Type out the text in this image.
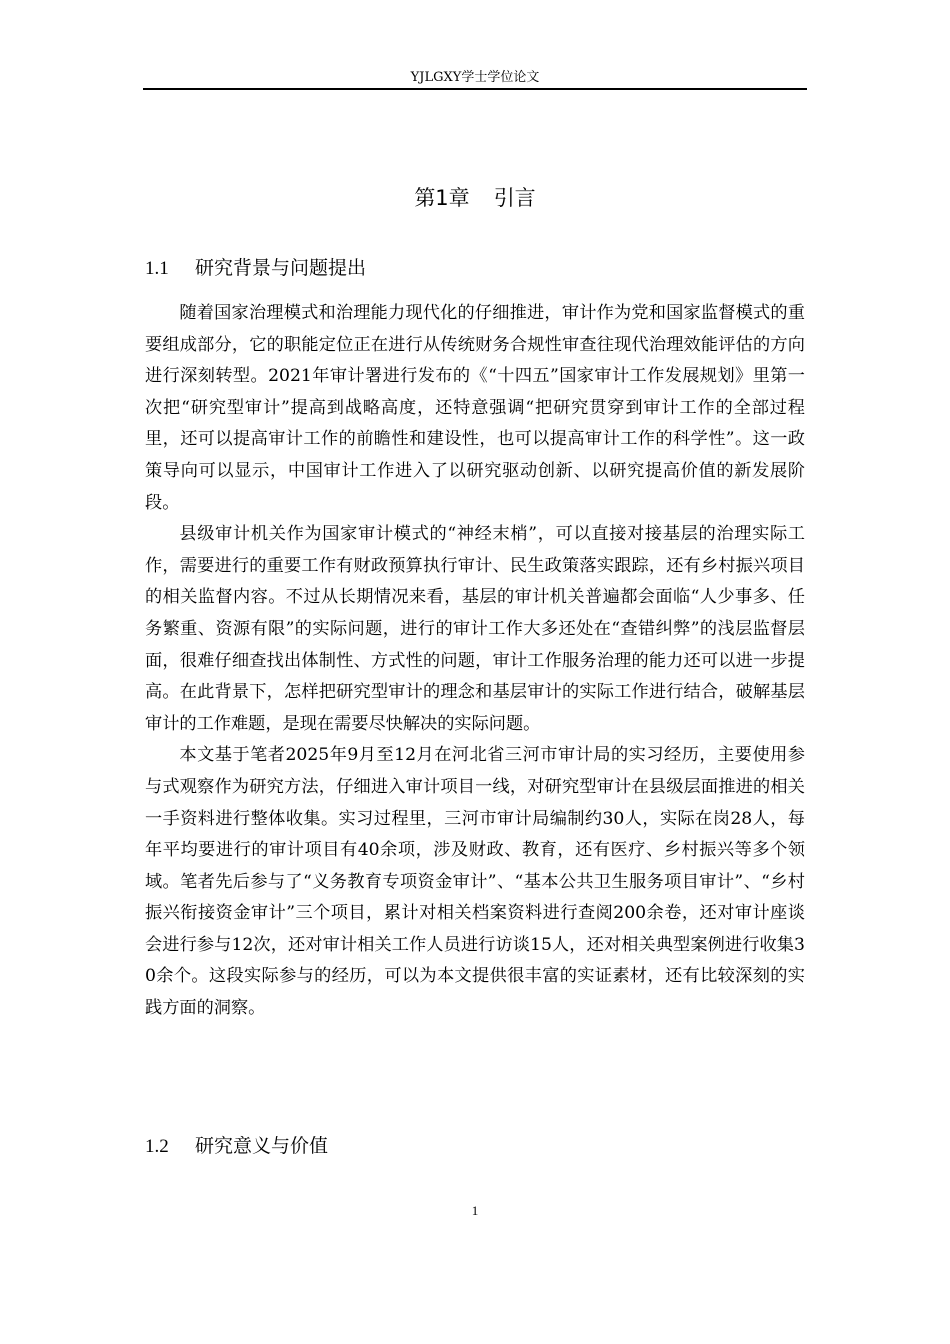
YJLGXY学士学位论文
第1章 引言
1.1 研究背景与问题提出

随着国家治理模式和治理能力现代化的仔细推进，审计作为党和国家监督模式的重要组成部分，它的职能定位正在进行从传统财务合规性审查往现代治理效能评估的方向进行深刻转型。2021年审计署进行发布的《“十四五”国家审计工作发展规划》里第一次把“研究型审计”提高到战略高度，还特意强调“把研究贯穿到审计工作的全部过程里，还可以提高审计工作的前瞻性和建设性，也可以提高审计工作的科学性”。这一政策导向可以显示，中国审计工作进入了以研究驱动创新、以研究提高价值的新发展阶段。

县级审计机关作为国家审计模式的“神经末梢”，可以直接对接基层的治理实际工作，需要进行的重要工作有财政预算执行审计、民生政策落实跟踪，还有乡村振兴项目的相关监督内容。不过从长期情况来看，基层的审计机关普遍都会面临“人少事多、任务繁重、资源有限”的实际问题，进行的审计工作大多还处在“查错纠弊”的浅层监督层面，很难仔细查找出体制性、方式性的问题，审计工作服务治理的能力还可以进一步提高。在此背景下，怎样把研究型审计的理念和基层审计的实际工作进行结合，破解基层审计的工作难题，是现在需要尽快解决的实际问题。

本文基于笔者2025年9月至12月在河北省三河市审计局的实习经历，主要使用参与式观察作为研究方法，仔细进入审计项目一线，对研究型审计在县级层面推进的相关一手资料进行整体收集。实习过程里，三河市审计局编制约30人，实际在岗28人，每年平均要进行的审计项目有40余项，涉及财政、教育，还有医疗、乡村振兴等多个领域。笔者先后参与了“义务教育专项资金审计”、“基本公共卫生服务项目审计”、“乡村振兴衔接资金审计”三个项目，累计对相关档案资料进行查阅200余卷，还对审计座谈会进行参与12次，还对审计相关工作人员进行访谈15人，还对相关典型案例进行收集30余个。这段实际参与的经历，可以为本文提供很丰富的实证素材，还有比较深刻的实践方面的洞察。

1.2 研究意义与价值
1
